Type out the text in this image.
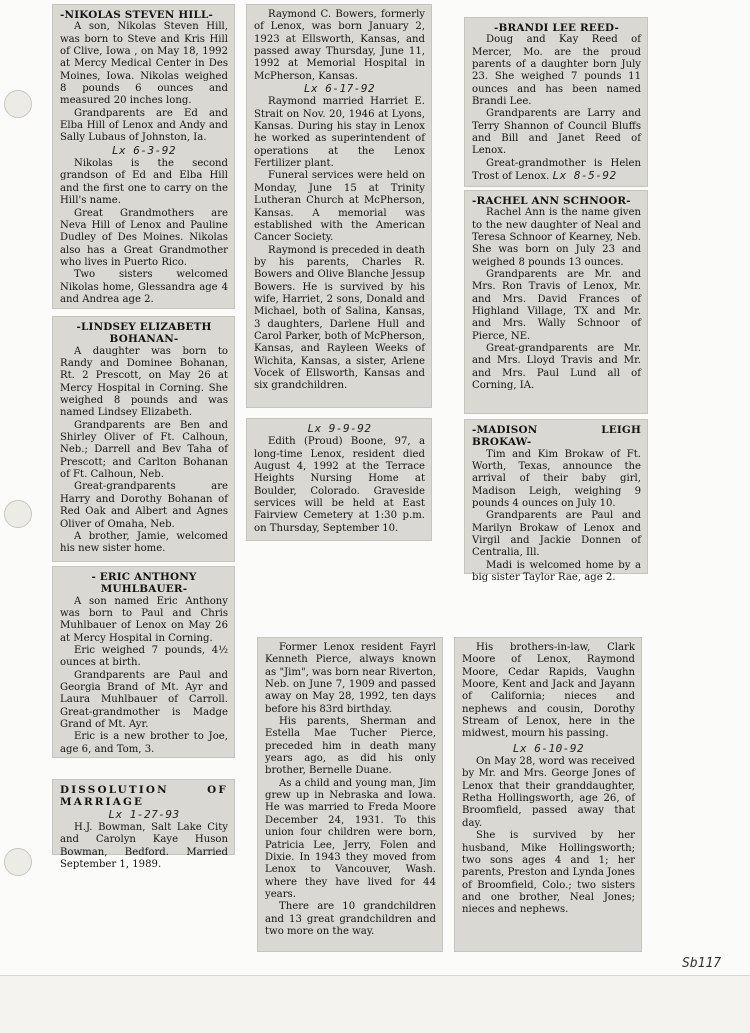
-NIKOLAS STEVEN HILL-

A son, Nikolas Steven Hill, was born to Steve and Kris Hill of Clive, Iowa , on May 18, 1992 at Mercy Medical Center in Des Moines, Iowa. Nikolas weighed 8 pounds 6 ounces and measured 20 inches long.

Grandparents are Ed and Elba Hill of Lenox and Andy and Sally Lubaus of Johnston, Ia.

Lx 6-3-92

Nikolas is the second grandson of Ed and Elba Hill and the first one to carry on the Hill's name.

Great Grandmothers are Neva Hill of Lenox and Pauline Dudley of Des Moines. Nikolas also has a Great Grandmother who lives in Puerto Rico.

Two sisters welcomed Nikolas home, Glessandra age 4 and Andrea age 2.

-LINDSEY ELIZABETH BOHANAN-

A daughter was born to Randy and Dominee Bohanan, Rt. 2 Prescott, on May 26 at Mercy Hospital in Corning. She weighed 8 pounds and was named Lindsey Elizabeth.

Grandparents are Ben and Shirley Oliver of Ft. Calhoun, Neb.; Darrell and Bev Taha of Prescott; and Carlton Bohanan of Ft. Calhoun, Neb.

Great-grandparents are Harry and Dorothy Bohanan of Red Oak and Albert and Agnes Oliver of Omaha, Neb.

A brother, Jamie, welcomed his new sister home.

- ERIC ANTHONY MUHLBAUER-

A son named Eric Anthony was born to Paul and Chris Muhlbauer of Lenox on May 26 at Mercy Hospital in Corning.

Eric weighed 7 pounds, 4½ ounces at birth.

Grandparents are Paul and Georgia Brand of Mt. Ayr and Laura Muhlbauer of Carroll. Great-grandmother is Madge Grand of Mt. Ayr.

Eric is a new brother to Joe, age 6, and Tom, 3.

DISSOLUTION OF MARRIAGE

Lx 1-27-93

H.J. Bowman, Salt Lake City and Carolyn Kaye Huson Bowman, Bedford. Married September 1, 1989.

Raymond C. Bowers, formerly of Lenox, was born January 2, 1923 at Ellsworth, Kansas, and passed away Thursday, June 11, 1992 at Memorial Hospital in McPherson, Kansas.

Lx 6-17-92

Raymond married Harriet E. Strait on Nov. 20, 1946 at Lyons, Kansas. During his stay in Lenox he worked as superintendent of operations at the Lenox Fertilizer plant.

Funeral services were held on Monday, June 15 at Trinity Lutheran Church at McPherson, Kansas. A memorial was established with the American Cancer Society.

Raymond is preceded in death by his parents, Charles R. Bowers and Olive Blanche Jessup Bowers. He is survived by his wife, Harriet, 2 sons, Donald and Michael, both of Salina, Kansas, 3 daughters, Darlene Hull and Carol Parker, both of McPherson, Kansas, and Rayleen Weeks of Wichita, Kansas, a sister, Arlene Vocek of Ellsworth, Kansas and six grandchildren.

Lx 9-9-92

Edith (Proud) Boone, 97, a long-time Lenox, resident died August 4, 1992 at the Terrace Heights Nursing Home at Boulder, Colorado. Graveside services will be held at East Fairview Cemetery at 1:30 p.m. on Thursday, September 10.

-BRANDI LEE REED-

Doug and Kay Reed of Mercer, Mo. are the proud parents of a daughter born July 23. She weighed 7 pounds 11 ounces and has been named Brandi Lee.

Grandparents are Larry and Terry Shannon of Council Bluffs and Bill and Janet Reed of Lenox.

Great-grandmother is Helen Trost of Lenox. Lx 8-5-92

-RACHEL ANN SCHNOOR-

Rachel Ann is the name given to the new daughter of Neal and Teresa Schnoor of Kearney, Neb. She was born on July 23 and weighed 8 pounds 13 ounces.

Grandparents are Mr. and Mrs. Ron Travis of Lenox, Mr. and Mrs. David Frances of Highland Village, TX and Mr. and Mrs. Wally Schnoor of Pierce, NE.

Great-grandparents are Mr. and Mrs. Lloyd Travis and Mr. and Mrs. Paul Lund all of Corning, IA.

-MADISON LEIGH BROKAW-

Tim and Kim Brokaw of Ft. Worth, Texas, announce the arrival of their baby girl, Madison Leigh, weighing 9 pounds 4 ounces on July 10.

Grandparents are Paul and Marilyn Brokaw of Lenox and Virgil and Jackie Donnen of Centralia, Ill.

Madi is welcomed home by a big sister Taylor Rae, age 2.

Former Lenox resident Fayrl Kenneth Pierce, always known as "Jim", was born near Riverton, Neb. on June 7, 1909 and passed away on May 28, 1992, ten days before his 83rd birthday.

His parents, Sherman and Estella Mae Tucher Pierce, preceded him in death many years ago, as did his only brother, Bernelle Duane.

As a child and young man, Jim grew up in Nebraska and Iowa. He was married to Freda Moore December 24, 1931. To this union four children were born, Patricia Lee, Jerry, Folen and Dixie. In 1943 they moved from Lenox to Vancouver, Wash. where they have lived for 44 years.

There are 10 grandchildren and 13 great grandchildren and two more on the way.

His brothers-in-law, Clark Moore of Lenox, Raymond Moore, Cedar Rapids, Vaughn Moore, Kent and Jack and Jayann of California; nieces and nephews and cousin, Dorothy Stream of Lenox, here in the midwest, mourn his passing.

Lx 6-10-92

On May 28, word was received by Mr. and Mrs. George Jones of Lenox that their granddaughter, Retha Hollingsworth, age 26, of Broomfield, passed away that day.

She is survived by her husband, Mike Hollingsworth; two sons ages 4 and 1; her parents, Preston and Lynda Jones of Broomfield, Colo.; two sisters and one brother, Neal Jones; nieces and nephews.

Sb117
